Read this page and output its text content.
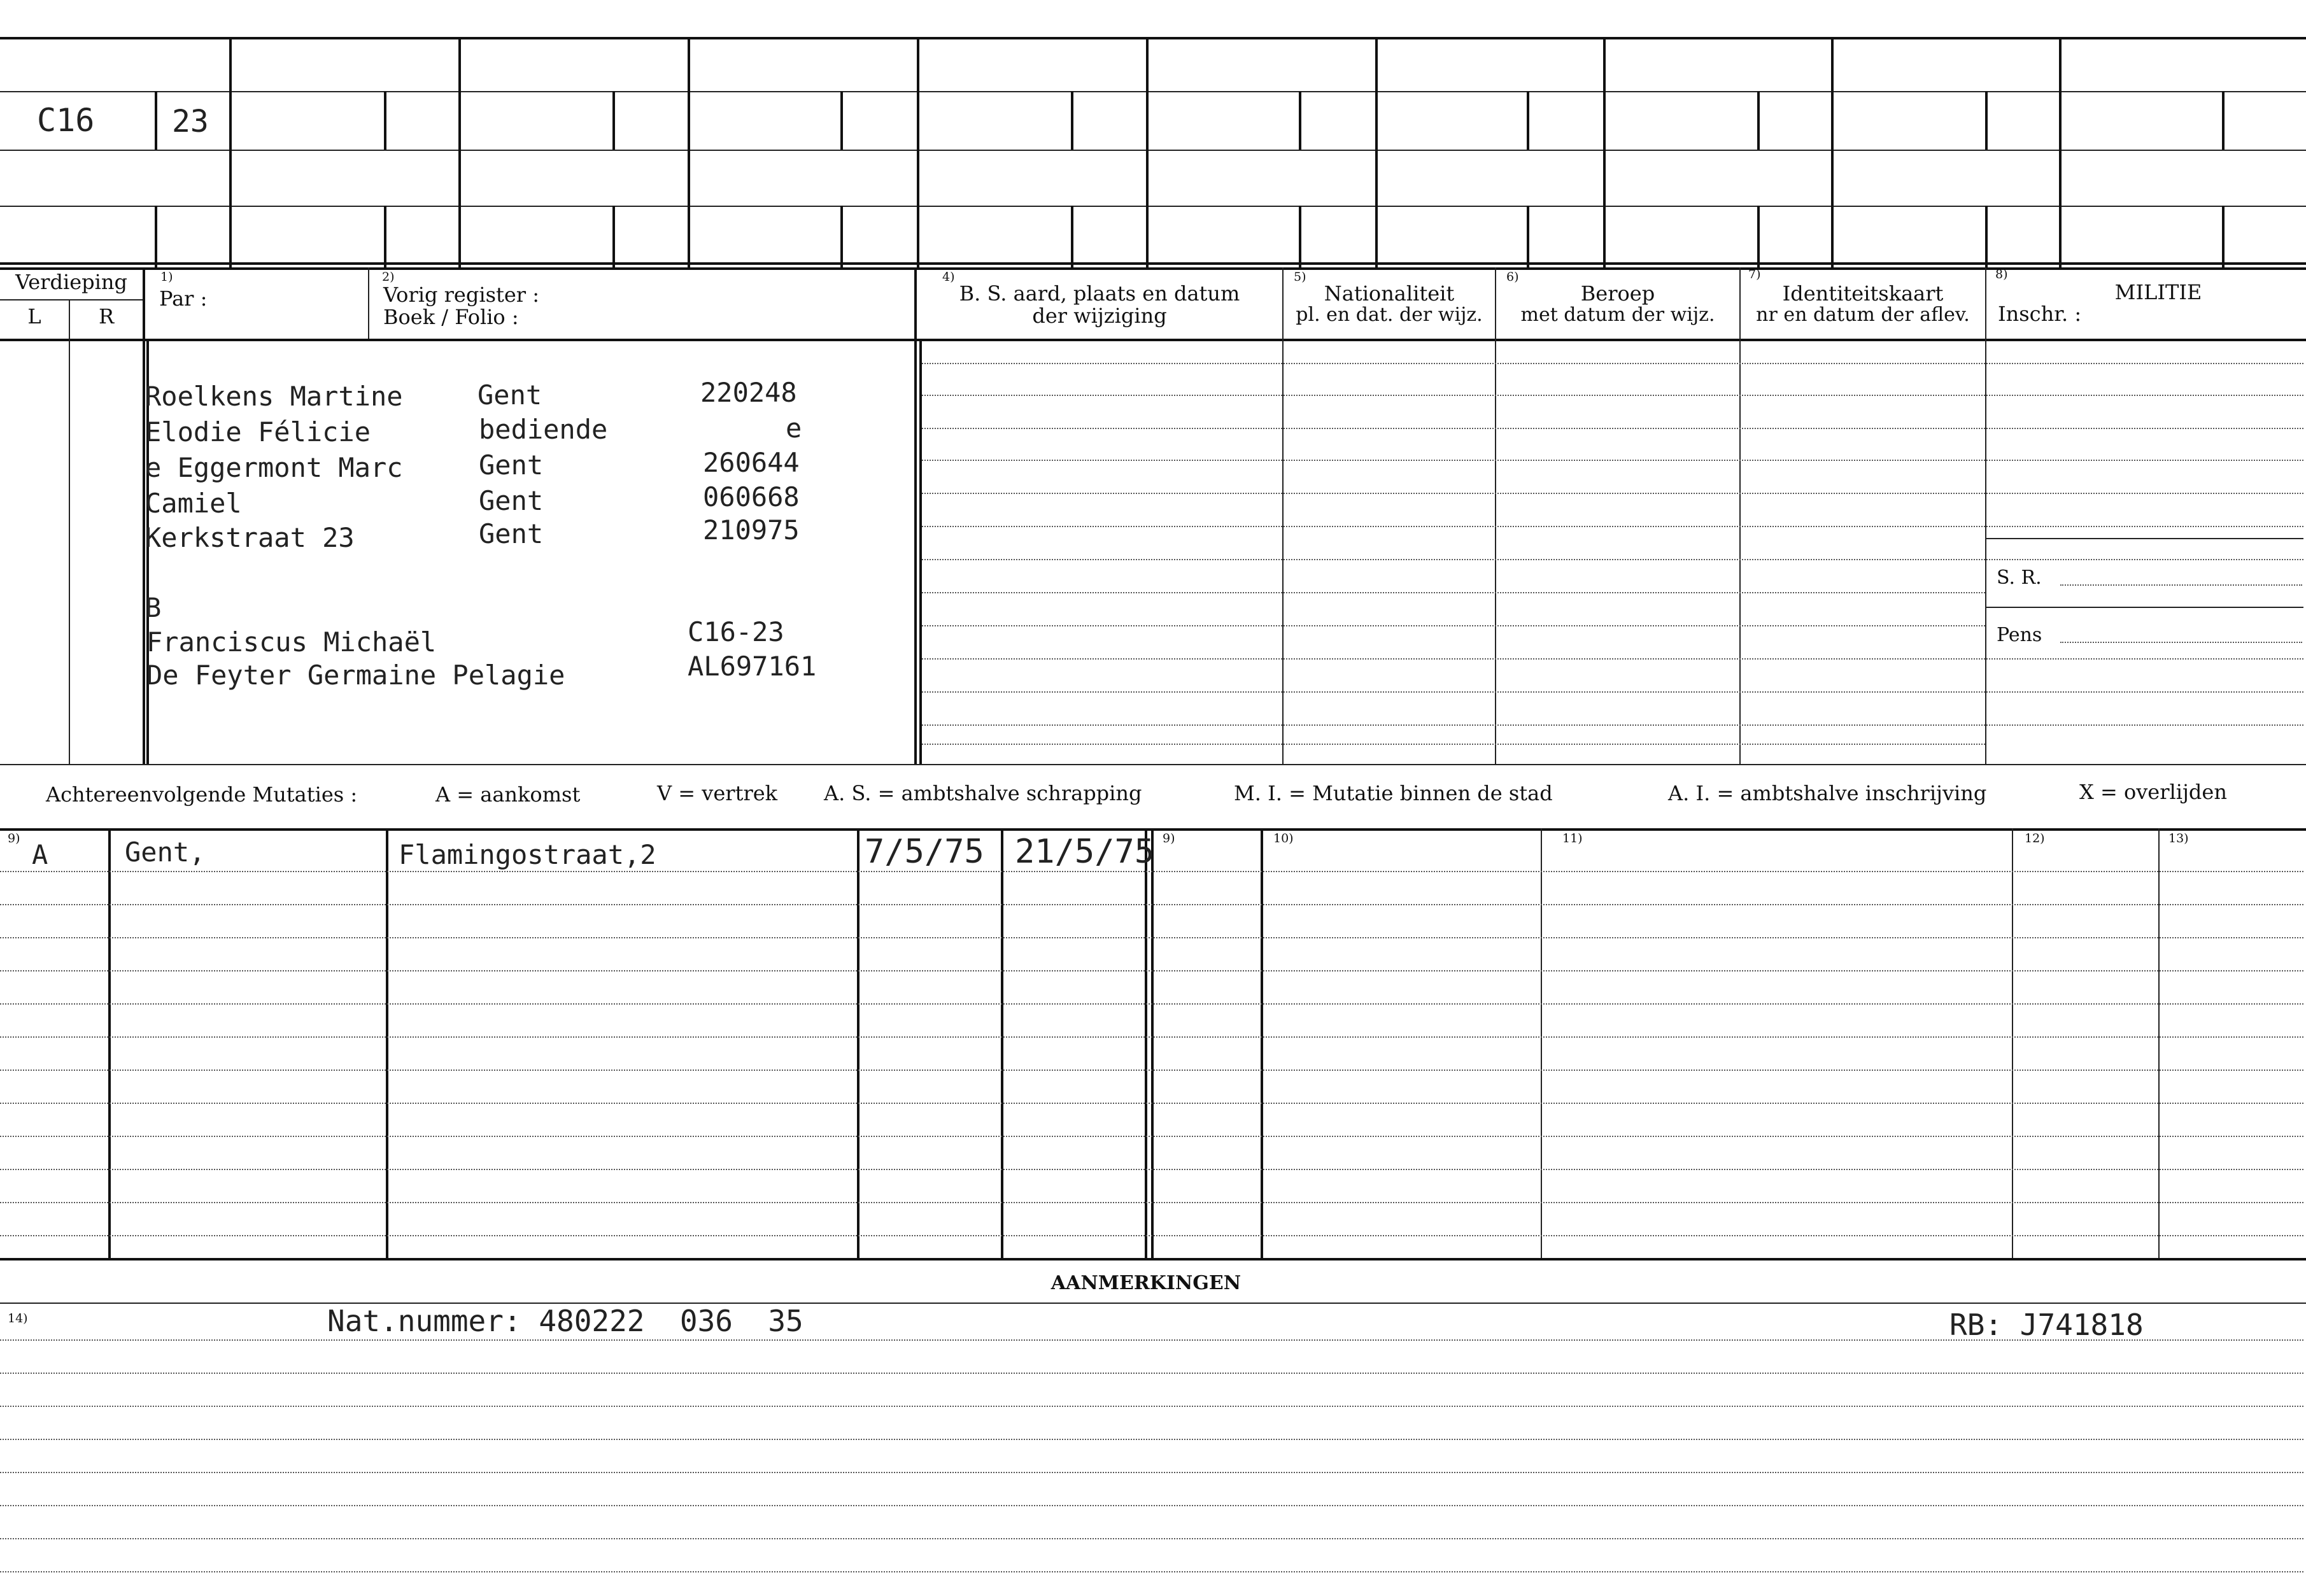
C16	23
Verdieping
L	R
1)
Par :
2)
Vorig register :
Boek / Folio :
4)
B. S. aard, plaats en datum
der wijziging
5)
Nationaliteit
pl. en dat. der wijz.
6)
Beroep
met datum der wijz.
7)
Identiteitskaart
nr en datum der aflev.
8)
MILITIE
Inschr. :
S. R.
Pens
Roelkens Martine	Gent	220248
Elodie Félicie	bediende	e
e Eggermont Marc	Gent	260644
Camiel	Gent	060668
Kerkstraat 23	Gent	210975
B
Franciscus Michaël	C16-23
De Feyter Germaine Pelagie	AL697161
Achtereenvolgende Mutaties :	A = aankomst	V = vertrek A. S. = ambtshalve schrapping	M. I. = Mutatie binnen de stad	A. I. = ambtshalve inschrijving	X = overlijden
9)	9)	10)	11)	12)	13)
A	Gent,	Flamingostraat,2	7/5/75 21/5/75
AANMERKINGEN
14)	Nat.nummer: 480222  036  35	RB: J741818
